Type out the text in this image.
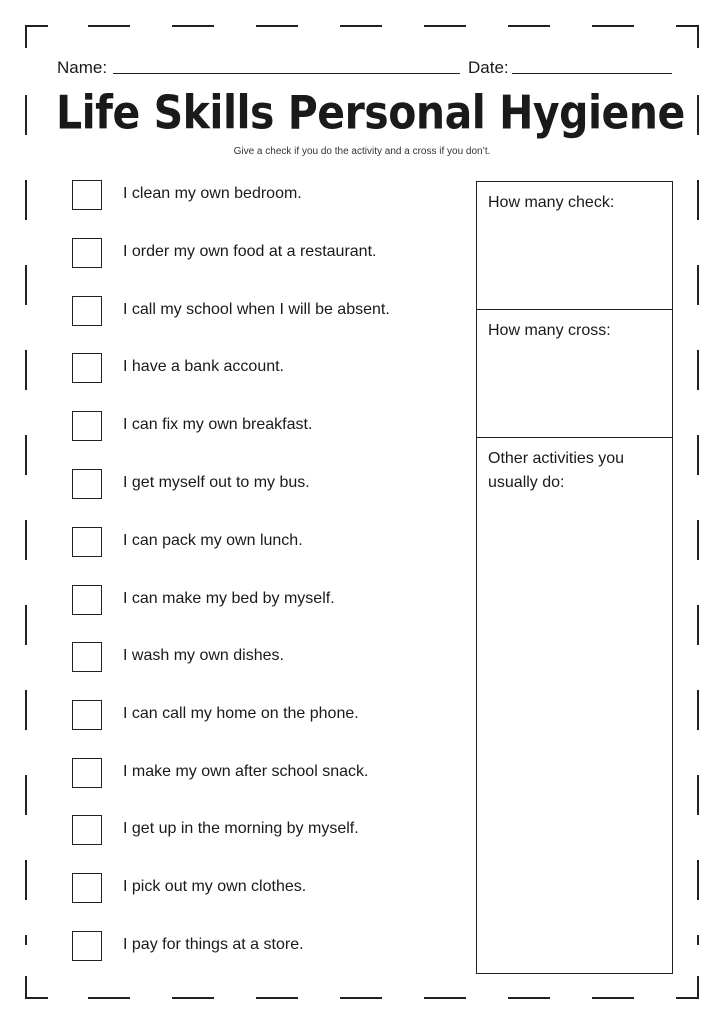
Name:	Date:
Life Skills Personal Hygiene
Give a check if you do the activity and a cross if you don’t.
I clean my own bedroom.
I order my own food at a restaurant.
I call my school when I will be absent.
I have a bank account.
I can fix my own breakfast.
I get myself out to my bus.
I can pack my own lunch.
I can make my bed by myself.
I wash my own dishes.
I can call my home on the phone.
I make my own after school snack.
I get up in the morning by myself.
I pick out my own clothes.
I pay for things at a store.
How many check:
How many cross:
Other activities you usually do:
